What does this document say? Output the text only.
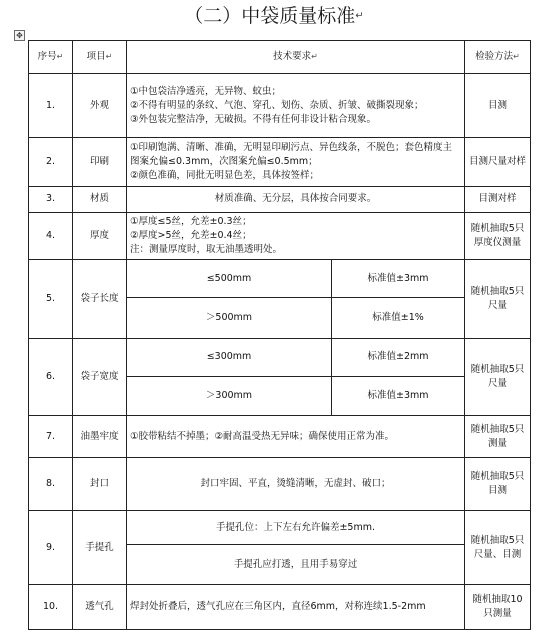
（二）中袋质量标准↵
✥
序号↵	项目↵	技术要求↵		检验方法↵
1.	外观	①中包袋洁净透亮，无异物、蚊虫；
②不得有明显的条纹、气泡、穿孔、划伤、杂质、折皱、破撕裂现象；
③外包装完整洁净，无破损。不得有任何非设计粘合现象。		目测
2.	印刷	①印刷饱满、清晰、准确，无明显印刷污点、异色线条，不脱色；套色精度主图案允偏≤0.3mm，次图案允偏≤0.5mm；
②颜色准确，同批无明显色差，具体按签样；		目测尺量对样
3.	材质	材质准确、无分层，具体按合同要求。		目测对样
4.	厚度	①厚度≤5丝，允差±0.3丝；
②厚度>5丝，允差±0.4丝；
注：测量厚度时，取无油墨透明处。		随机抽取5只厚度仪测量
5.	袋子长度	≤500mm	标准值±3mm	随机抽取5只尺量
		＞500mm	标准值±1%	
6.	袋子宽度	≤300mm	标准值±2mm	随机抽取5只尺量
		＞300mm	标准值±3mm	
7.	油墨牢度	①胶带粘结不掉墨；②耐高温受热无异味；确保使用正常为准。		随机抽取5只测量
8.	封口	封口牢固、平直，烫缝清晰，无虚封、破口；		随机抽取5只目测
9.	手提孔	手提孔位：上下左右允许偏差±5mm.		随机抽取5只尺量、目测
		手提孔应打透，且用手易穿过		
10.	透气孔	焊封处折叠后，透气孔应在三角区内，直径6mm，对称连续1.5-2mm		随机抽取10只测量
